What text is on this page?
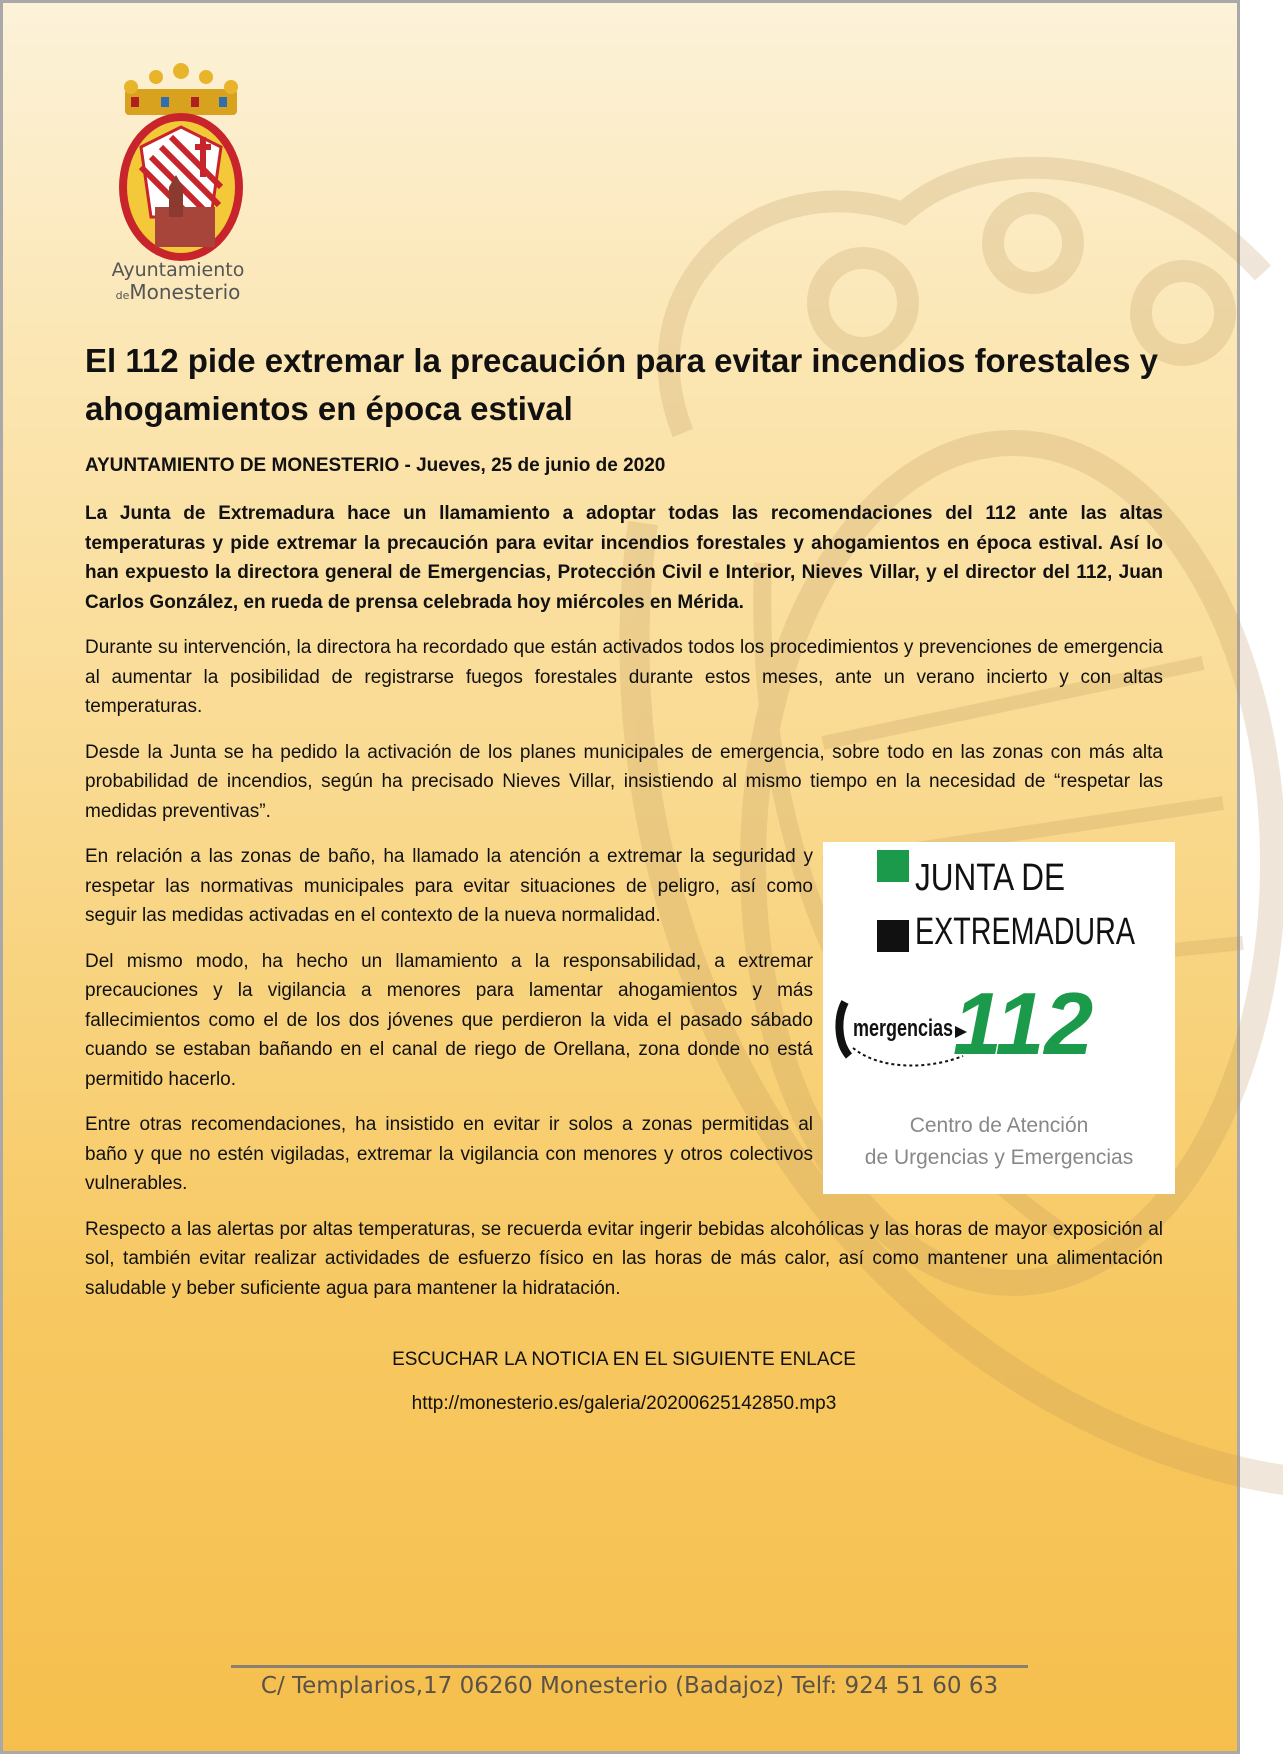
Ayuntamiento
deMonesterio
El 112 pide extremar la precaución para evitar incendios forestales y ahogamientos en época estival
AYUNTAMIENTO DE MONESTERIO - Jueves, 25 de junio de 2020

La Junta de Extremadura hace un llamamiento a adoptar todas las recomendaciones del 112 ante las altas temperaturas y pide extremar la precaución para evitar incendios forestales y ahogamientos en época estival. Así lo han expuesto la directora general de Emergencias, Protección Civil e Interior, Nieves Villar, y el director del 112, Juan Carlos González, en rueda de prensa celebrada hoy miércoles en Mérida.

Durante su intervención, la directora ha recordado que están activados todos los procedimientos y prevenciones de emergencia al aumentar la posibilidad de registrarse fuegos forestales durante estos meses, ante un verano incierto y con altas temperaturas.

Desde la Junta se ha pedido la activación de los planes municipales de emergencia, sobre todo en las zonas con más alta probabilidad de incendios, según ha precisado Nieves Villar, insistiendo al mismo tiempo en la necesidad de “respetar las medidas preventivas”.

JUNTA DE
EXTREMADURA
mergencias 112
Centro de Atención
de Urgencias y Emergencias

En relación a las zonas de baño, ha llamado la atención a extremar la seguridad y respetar las normativas municipales para evitar situaciones de peligro, así como seguir las medidas activadas en el contexto de la nueva normalidad.

Del mismo modo, ha hecho un llamamiento a la responsabilidad, a extremar precauciones y la vigilancia a menores para lamentar ahogamientos y más fallecimientos como el de los dos jóvenes que perdieron la vida el pasado sábado cuando se estaban bañando en el canal de riego de Orellana, zona donde no está permitido hacerlo.

Entre otras recomendaciones, ha insistido en evitar ir solos a zonas permitidas al baño y que no estén vigiladas, extremar la vigilancia con menores y otros colectivos vulnerables.

Respecto a las alertas por altas temperaturas, se recuerda evitar ingerir bebidas alcohólicas y las horas de mayor exposición al sol, también evitar realizar actividades de esfuerzo físico en las horas de más calor, así como mantener una alimentación saludable y beber suficiente agua para mantener la hidratación.

ESCUCHAR LA NOTICIA EN EL SIGUIENTE ENLACE
http://monesterio.es/galeria/20200625142850.mp3
C/ Templarios,17 06260 Monesterio (Badajoz) Telf: 924 51 60 63
